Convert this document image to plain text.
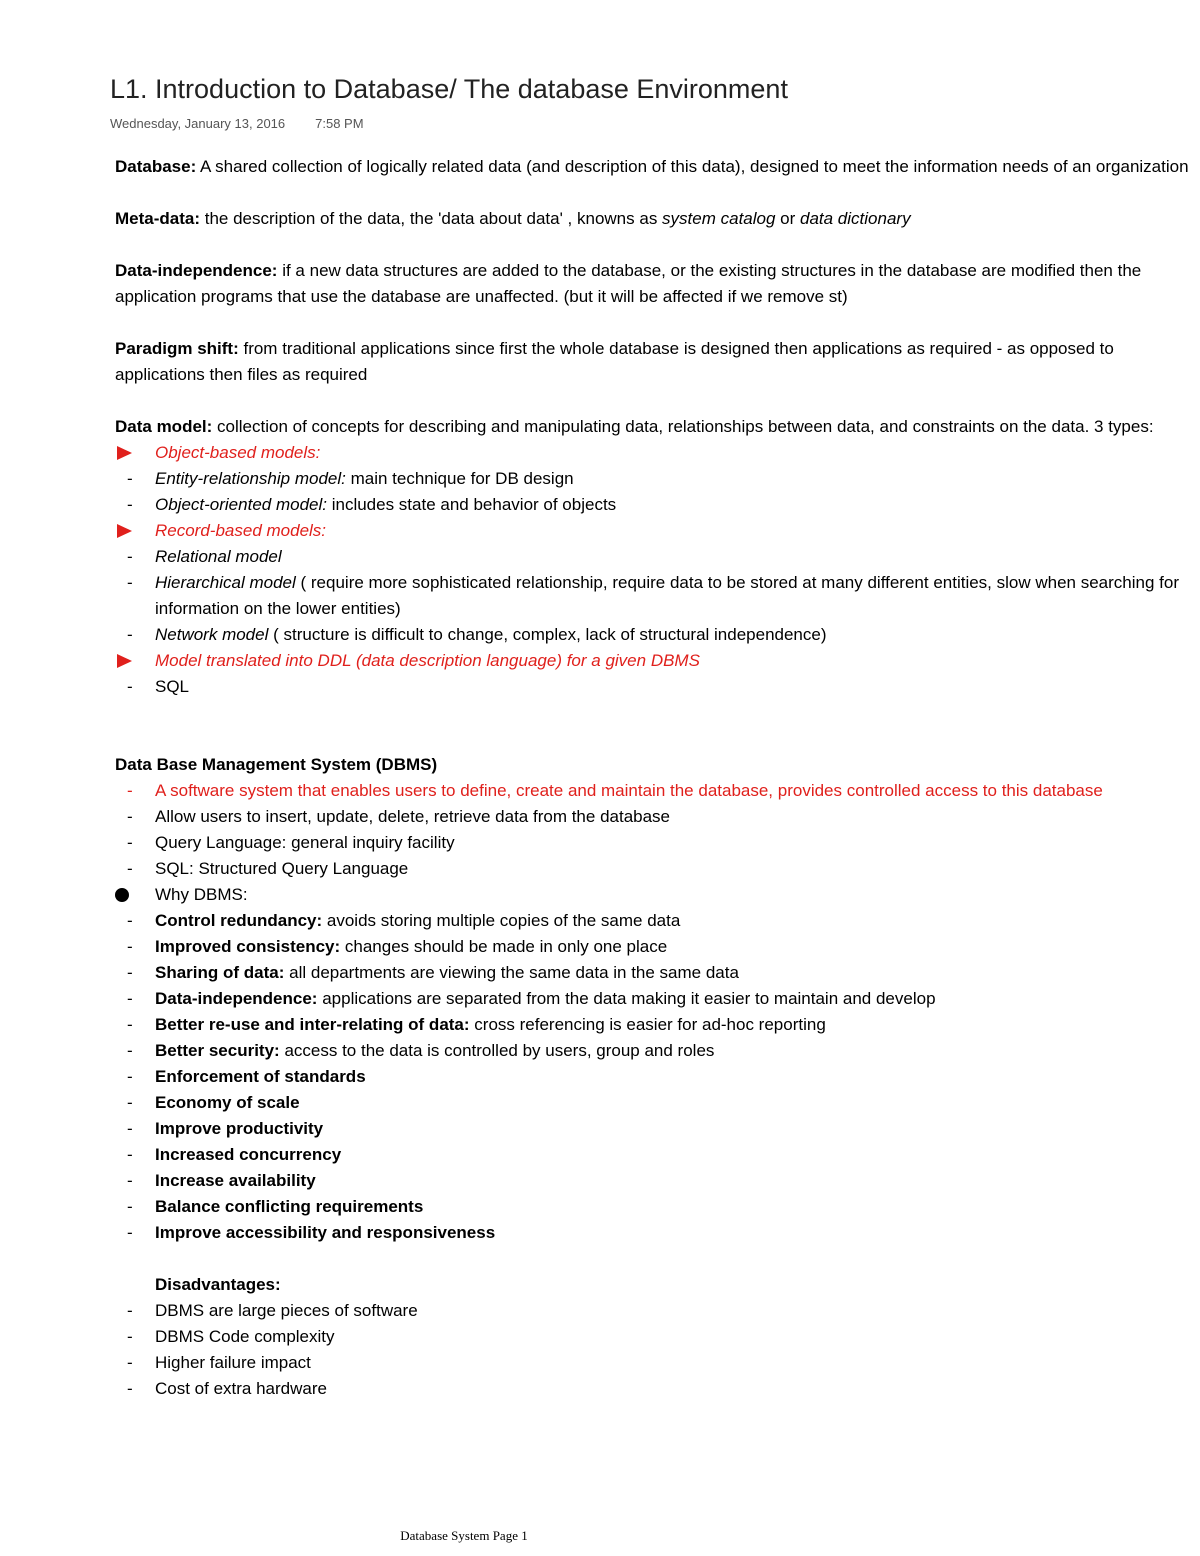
L1. Introduction to Database/ The database Environment
Wednesday, January 13, 2016 7:58 PM

Database: A shared collection of logically related data (and description of this data), designed to meet the information needs of an organization

Meta-data: the description of the data, the 'data about data' , knowns as system catalog or data dictionary

Data-independence: if a new data structures are added to the database, or the existing structures in the database are modified then the application programs that use the database are unaffected. (but it will be affected if we remove st)

Paradigm shift: from traditional applications since first the whole database is designed then applications as required - as opposed to applications then files as required

Data model: collection of concepts for describing and manipulating data, relationships between data, and constraints on the data. 3 types:

Object-based models:
-	Entity-relationship model: main technique for DB design
-	Object-oriented model: includes state and behavior of objects
Record-based models:
-	Relational model
-	Hierarchical model ( require more sophisticated relationship, require data to be stored at many different entities, slow when searching for information on the lower entities)
-	Network model ( structure is difficult to change, complex, lack of structural independence)
Model translated into DDL (data description language) for a given DBMS
-	SQL

Data Base Management System (DBMS)

-	A software system that enables users to define, create and maintain the database, provides controlled access to this database
-	Allow users to insert, update, delete, retrieve data from the database
-	Query Language: general inquiry facility
-	SQL: Structured Query Language
Why DBMS:
-	Control redundancy: avoids storing multiple copies of the same data
-	Improved consistency: changes should be made in only one place
-	Sharing of data: all departments are viewing the same data in the same data
-	Data-independence: applications are separated from the data making it easier to maintain and develop
-	Better re-use and inter-relating of data: cross referencing is easier for ad-hoc reporting
-	Better security: access to the data is controlled by users, group and roles
-	Enforcement of standards
-	Economy of scale
-	Improve productivity
-	Increased concurrency
-	Increase availability
-	Balance conflicting requirements
-	Improve accessibility and responsiveness

Disadvantages:

-	DBMS are large pieces of software
-	DBMS Code complexity
-	Higher failure impact
-	Cost of extra hardware
Database System Page 1
